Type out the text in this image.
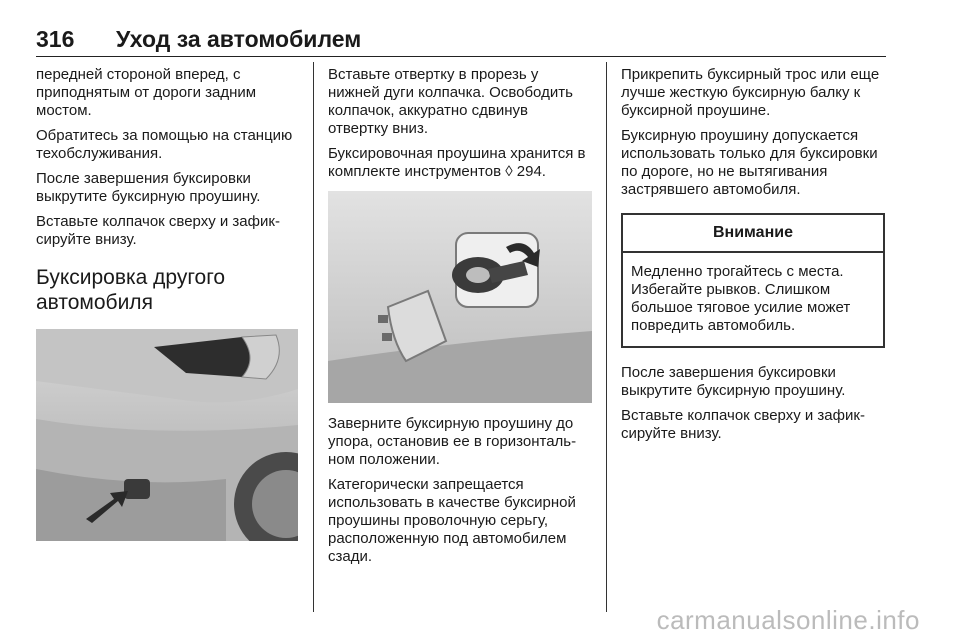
316 Уход за автомобилем

передней стороной вперед, с приподнятым от дороги задним мостом.

Обратитесь за помощью на станцию техобслуживания.

После завершения буксировки выкрутите буксирную проушину.

Вставьте колпачок сверху и зафиксируйте внизу.

Буксировка другого автомобиля

Вставьте отвертку в прорезь у нижней дуги колпачка. Освободить колпачок, аккуратно сдвинув отвертку вниз.

Буксировочная проушина хранится в комплекте инструментов ◊ 294.

Заверните буксирную проушину до упора, остановив ее в горизонтальном положении.

Категорически запрещается использовать в качестве буксирной проушины проволочную серьгу, расположенную под автомобилем сзади.

Прикрепить буксирный трос или еще лучше жесткую буксирную балку к буксирной проушине.

Буксирную проушину допускается использовать только для буксировки по дороге, но не вытягивания застрявшего автомобиля.

Внимание

Медленно трогайтесь с места. Избегайте рывков. Слишком большое тяговое усилие может повредить автомобиль.

После завершения буксировки выкрутите буксирную проушину.

Вставьте колпачок сверху и зафиксируйте внизу.

carmanualsonline.info
